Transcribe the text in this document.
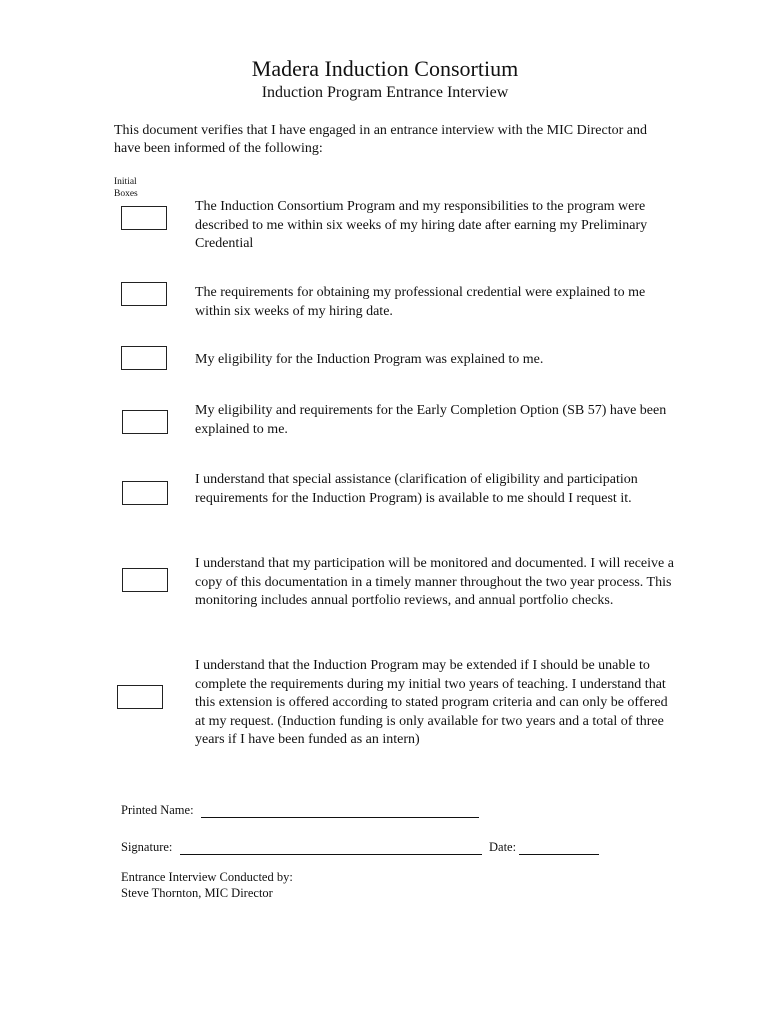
Madera Induction Consortium
Induction Program Entrance Interview
This document verifies that I have engaged in an entrance interview with the MIC Director and have been informed of the following:
Initial
Boxes
The Induction Consortium Program and my responsibilities to the program were described to me within six weeks of my hiring date after earning my Preliminary Credential
The requirements for obtaining my professional credential were explained to me within six weeks of my hiring date.
My eligibility for the Induction Program was explained to me.
My eligibility and requirements for the Early Completion Option (SB 57) have been explained to me.
I understand that special assistance (clarification of eligibility and participation requirements for the Induction Program) is available to me should I request it.
I understand that my participation will be monitored and documented. I will receive a copy of this documentation in a timely manner throughout the two year process. This monitoring includes annual portfolio reviews, and annual portfolio checks.
I understand that the Induction Program may be extended if I should be unable to complete the requirements during my initial two years of teaching. I understand that this extension is offered according to stated program criteria and can only be offered at my request. (Induction funding is only available for two years and a total of three years if I have been funded as an intern)
Printed Name:
Signature:	Date:
Entrance Interview Conducted by:
Steve Thornton, MIC Director
